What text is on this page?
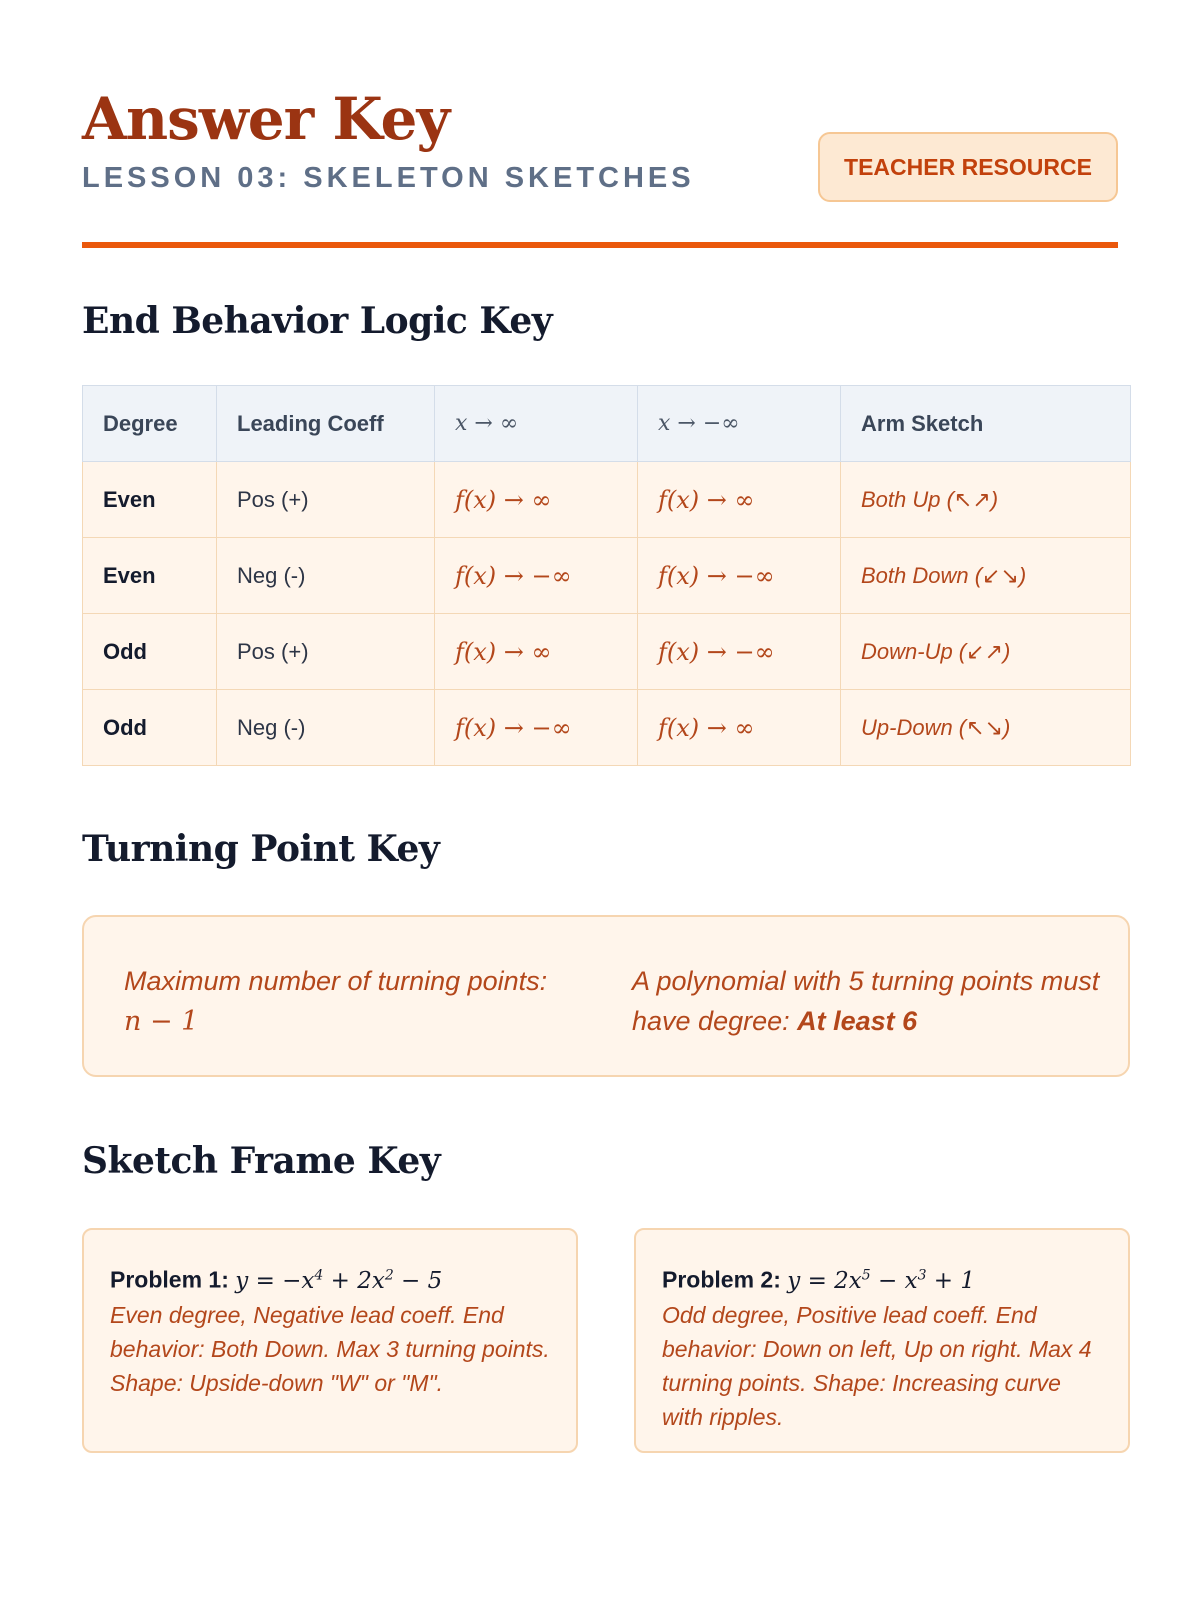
Answer Key
LESSON 03: SKELETON SKETCHES	TEACHER RESOURCE
End Behavior Logic Key
Degree	Leading Coeff	x → ∞	x → −∞	Arm Sketch
Even	Pos (+)	f(x) → ∞	f(x) → ∞	Both Up (↖↗)
Even	Neg (-)	f(x) → −∞	f(x) → −∞	Both Down (↙↘)
Odd	Pos (+)	f(x) → ∞	f(x) → −∞	Down-Up (↙↗)
Odd	Neg (-)	f(x) → −∞	f(x) → ∞	Up-Down (↖↘)
Turning Point Key
Maximum number of turning points:
n − 1
A polynomial with 5 turning points must have degree: At least 6
Sketch Frame Key
Problem 1: $y = -x^4 + 2x^2 - 5$
Even degree, Negative lead coeff. End behavior: Both Down. Max 3 turning points. Shape: Upside-down "W" or "M".
Problem 2: $y = 2x^5 - x^3 + 1$
Odd degree, Positive lead coeff. End behavior: Down on left, Up on right. Max 4 turning points. Shape: Increasing curve with ripples.
